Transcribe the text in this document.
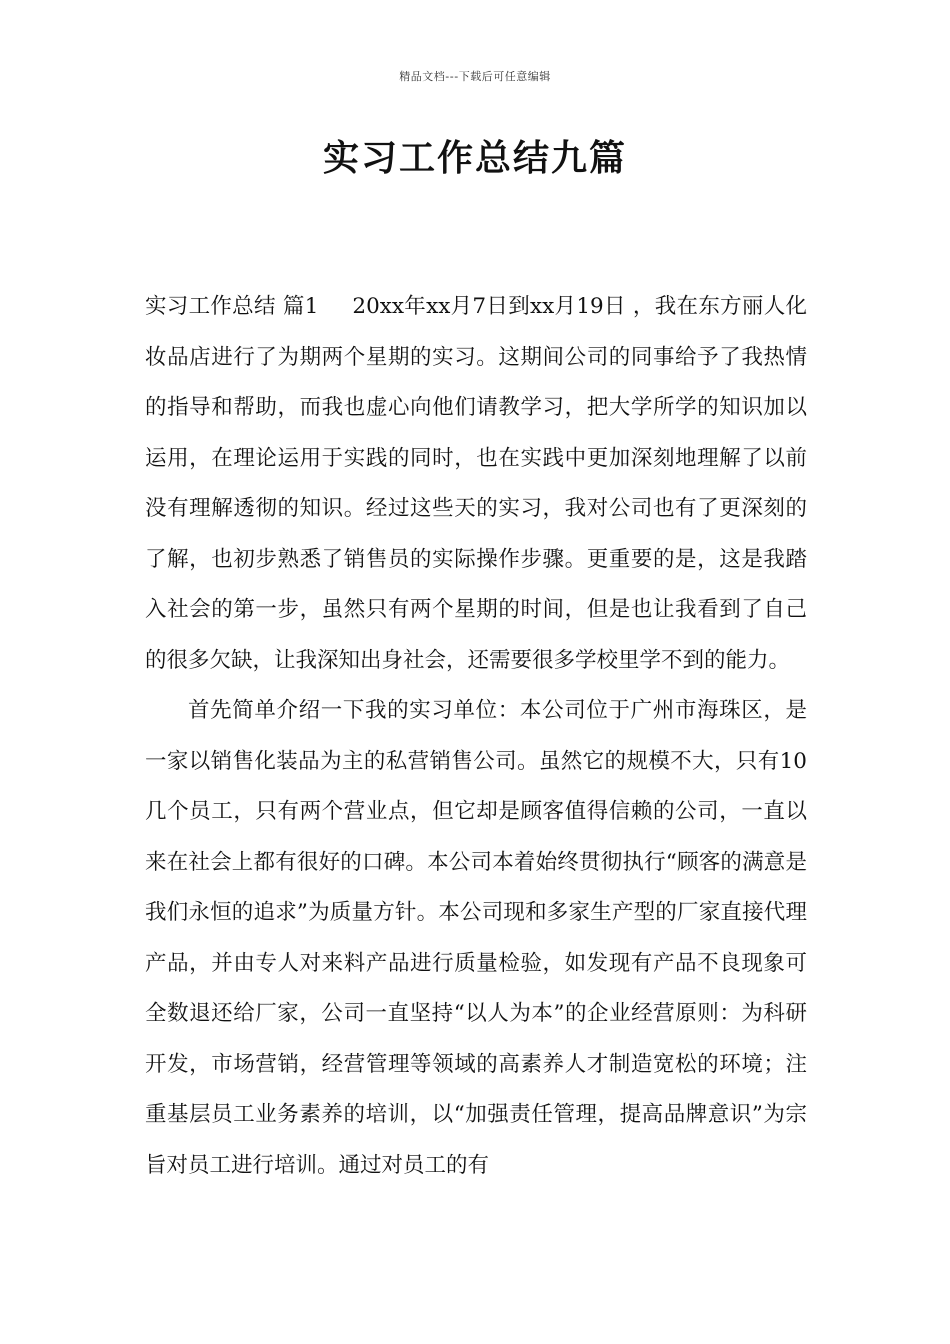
精品文档---下载后可任意编辑
实习工作总结九篇

实习工作总结 篇1 20xx年xx月7日到xx月19日 ，我在东方丽人化妆品店进行了为期两个星期的实习。这期间公司的同事给予了我热情的指导和帮助，而我也虚心向他们请教学习，把大学所学的知识加以运用，在理论运用于实践的同时，也在实践中更加深刻地理解了以前没有理解透彻的知识。经过这些天的实习，我对公司也有了更深刻的了解，也初步熟悉了销售员的实际操作步骤。更重要的是，这是我踏入社会的第一步，虽然只有两个星期的时间，但是也让我看到了自己的很多欠缺，让我深知出身社会，还需要很多学校里学不到的能力。

首先简单介绍一下我的实习单位：本公司位于广州市海珠区，是一家以销售化装品为主的私营销售公司。虽然它的规模不大，只有10几个员工，只有两个营业点，但它却是顾客值得信赖的公司，一直以来在社会上都有很好的口碑。本公司本着始终贯彻执行“顾客的满意是我们永恒的追求”为质量方针。本公司现和多家生产型的厂家直接代理产品，并由专人对来料产品进行质量检验，如发现有产品不良现象可全数退还给厂家，公司一直坚持“以人为本”的企业经营原则：为科研开发，市场营销，经营管理等领域的高素养人才制造宽松的环境；注重基层员工业务素养的培训，以“加强责任管理，提高品牌意识”为宗旨对员工进行培训。通过对员工的有
